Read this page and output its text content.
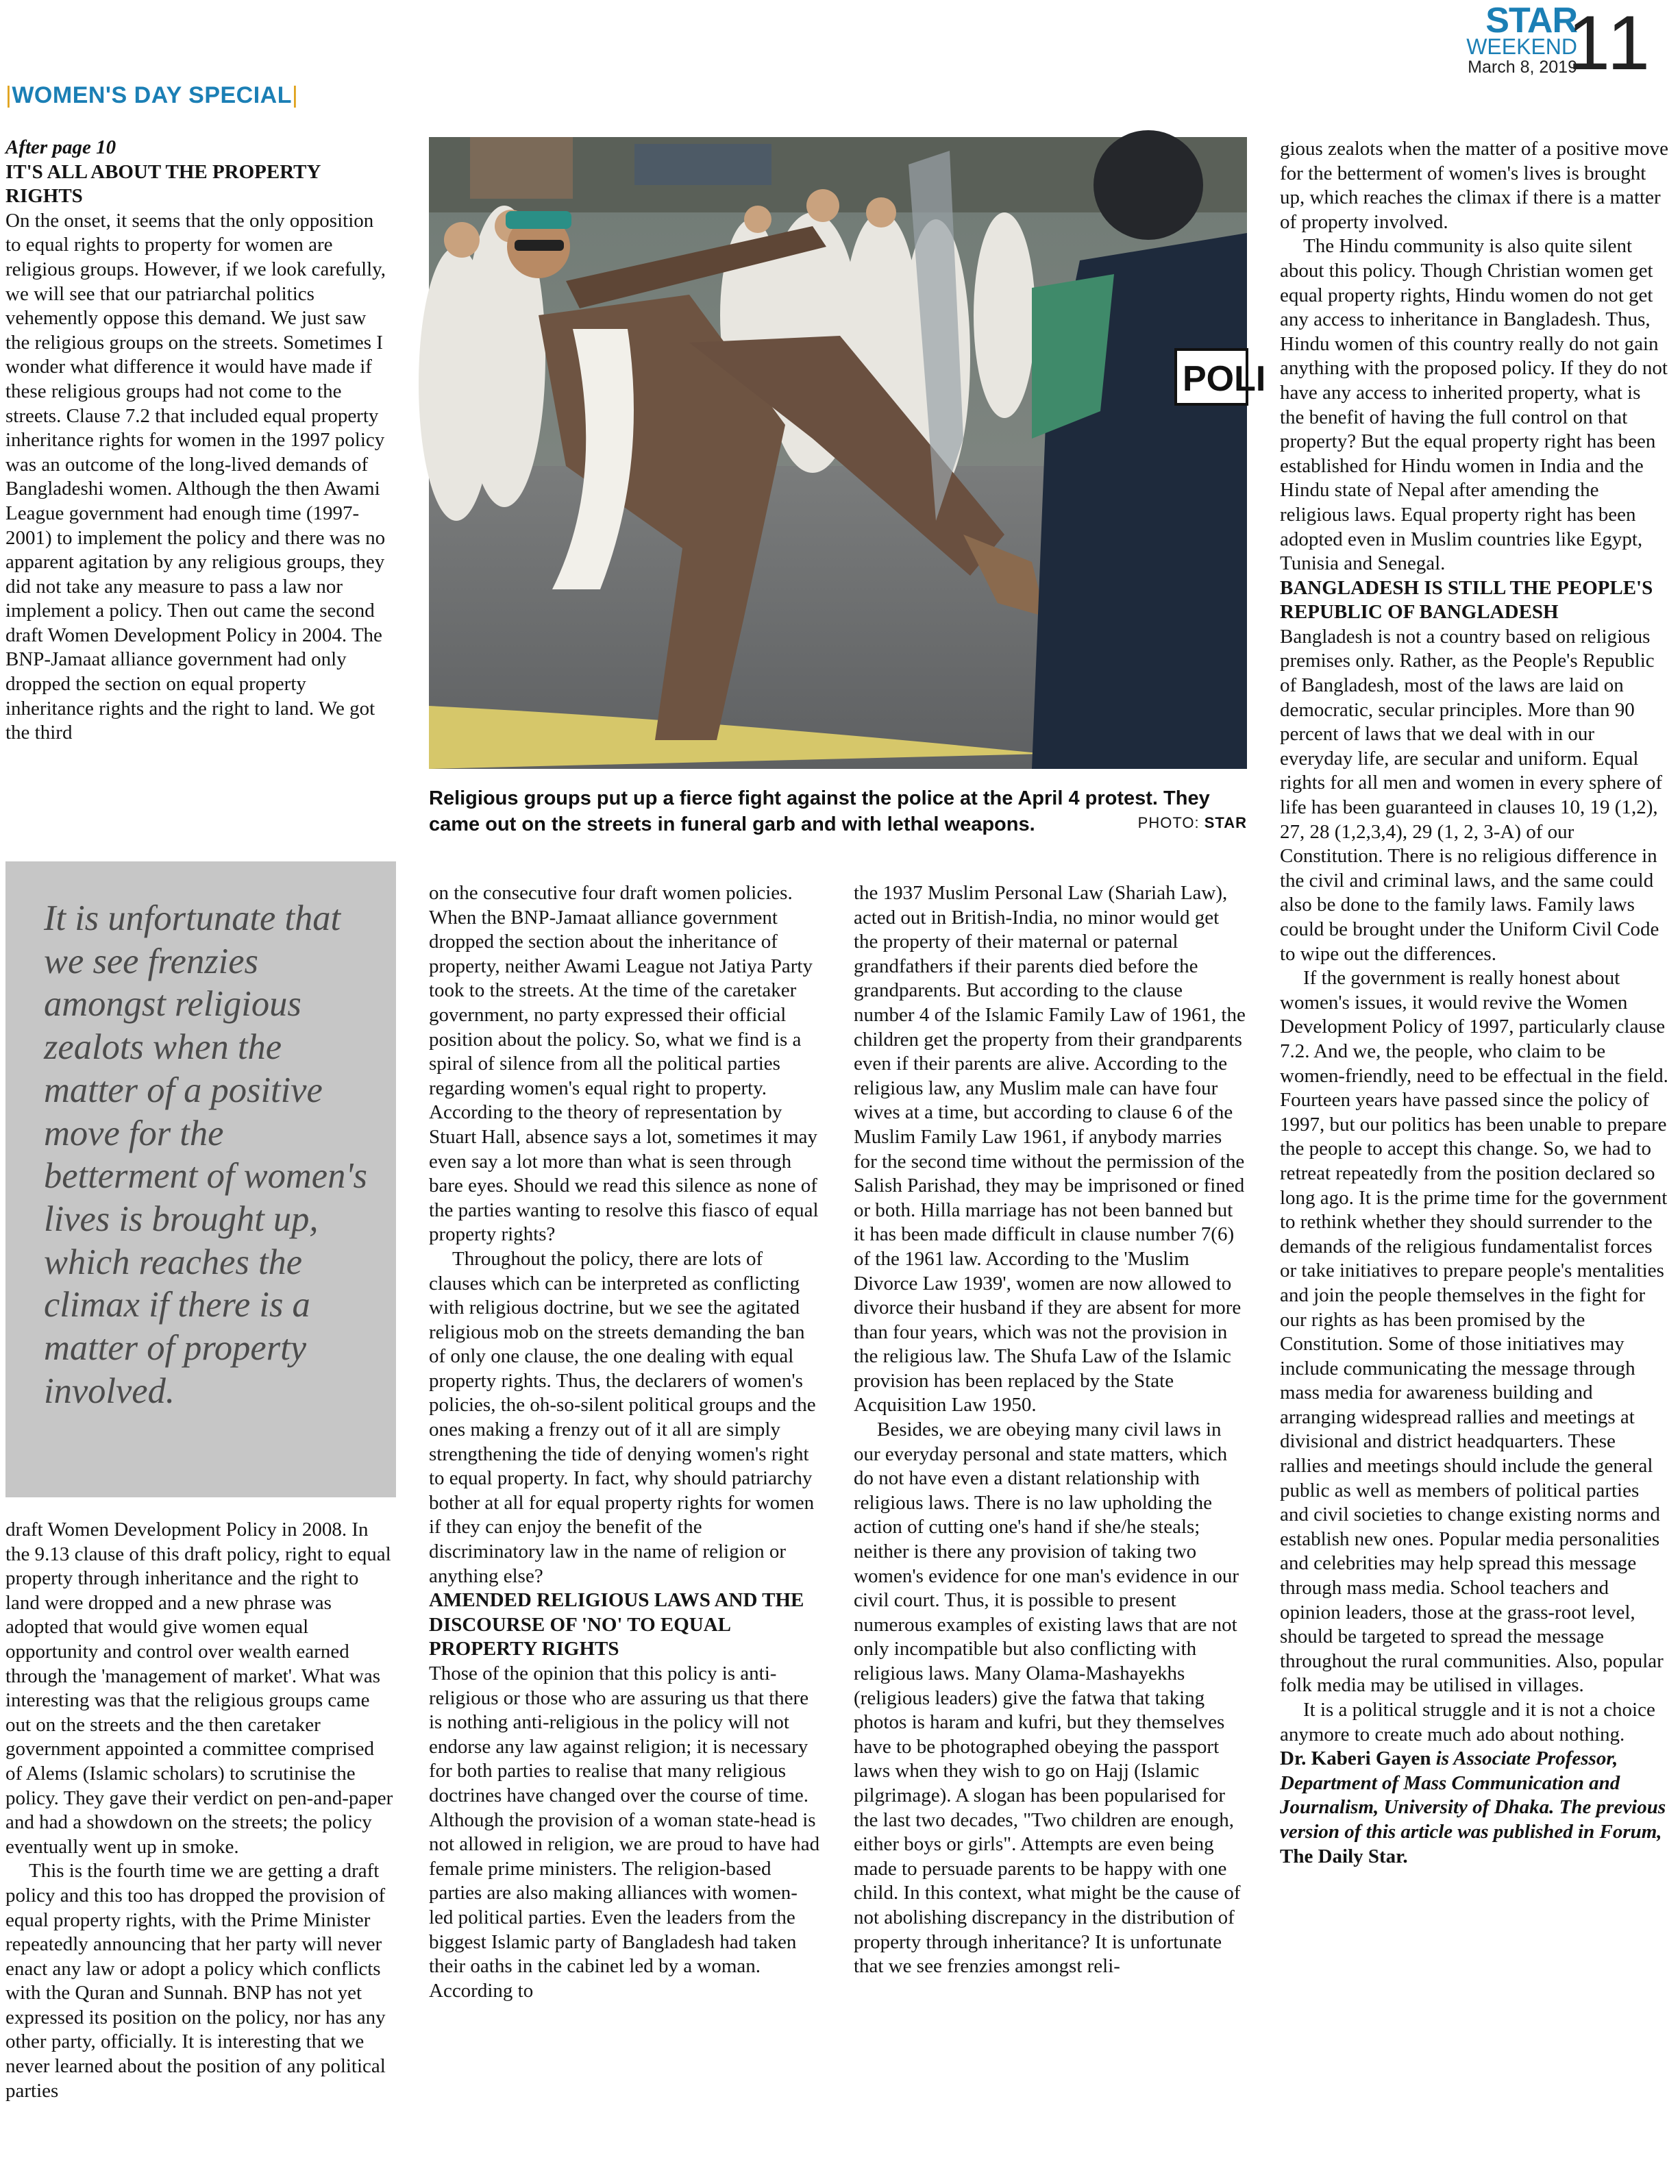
STAR
WEEKEND
March 8, 2019
11
|WOMEN'S DAY SPECIAL|

After page 10

IT'S ALL ABOUT THE PROPERTY RIGHTS

On the onset, it seems that the only opposition to equal rights to property for women are religious groups. However, if we look carefully, we will see that our patriarchal politics vehemently oppose this demand. We just saw the religious groups on the streets. Sometimes I wonder what difference it would have made if these religious groups had not come to the streets. Clause 7.2 that included equal property inheritance rights for women in the 1997 policy was an outcome of the long-lived demands of Bangladeshi women. Although the then Awami League government had enough time (1997-2001) to implement the policy and there was no apparent agitation by any religious groups, they did not take any measure to pass a law nor implement a policy. Then out came the second draft Women Development Policy in 2004. The BNP-Jamaat alliance government had only dropped the section on equal property inheritance rights and the right to land. We got the third

It is unfortunate that we see frenzies amongst religious zealots when the matter of a positive move for the betterment of women's lives is brought up, which reaches the climax if there is a matter of property involved.

draft Women Development Policy in 2008. In the 9.13 clause of this draft policy, right to equal property through inheritance and the right to land were dropped and a new phrase was adopted that would give women equal opportunity and control over wealth earned through the 'management of market'. What was interesting was that the religious groups came out on the streets and the then caretaker government appointed a committee comprised of Alems (Islamic scholars) to scrutinise the policy. They gave their verdict on pen-and-paper and had a showdown on the streets; the policy eventually went up in smoke.

This is the fourth time we are getting a draft policy and this too has dropped the provision of equal property rights, with the Prime Minister repeatedly announcing that her party will never enact any law or adopt a policy which conflicts with the Quran and Sunnah. BNP has not yet expressed its position on the policy, nor has any other party, officially. It is interesting that we never learned about the position of any political parties

POLI
Religious groups put up a fierce fight against the police at the April 4 protest. They came out on the streets in funeral garb and with lethal weapons.	PHOTO: STAR

on the consecutive four draft women policies. When the BNP-Jamaat alliance government dropped the section about the inheritance of property, neither Awami League not Jatiya Party took to the streets. At the time of the caretaker government, no party expressed their official position about the policy. So, what we find is a spiral of silence from all the political parties regarding women's equal right to property. According to the theory of representation by Stuart Hall, absence says a lot, sometimes it may even say a lot more than what is seen through bare eyes. Should we read this silence as none of the parties wanting to resolve this fiasco of equal property rights?

Throughout the policy, there are lots of clauses which can be interpreted as conflicting with religious doctrine, but we see the agitated religious mob on the streets demanding the ban of only one clause, the one dealing with equal property rights. Thus, the declarers of women's policies, the oh-so-silent political groups and the ones making a frenzy out of it all are simply strengthening the tide of denying women's right to equal property. In fact, why should patriarchy bother at all for equal property rights for women if they can enjoy the benefit of the discriminatory law in the name of religion or anything else?

AMENDED RELIGIOUS LAWS AND THE DISCOURSE OF 'NO' TO EQUAL PROPERTY RIGHTS

Those of the opinion that this policy is anti-religious or those who are assuring us that there is nothing anti-religious in the policy will not endorse any law against religion; it is necessary for both parties to realise that many religious doctrines have changed over the course of time. Although the provision of a woman state-head is not allowed in religion, we are proud to have had female prime ministers. The religion-based parties are also making alliances with women-led political parties. Even the leaders from the biggest Islamic party of Bangladesh had taken their oaths in the cabinet led by a woman. According to

the 1937 Muslim Personal Law (Shariah Law), acted out in British-India, no minor would get the property of their maternal or paternal grandfathers if their parents died before the grandparents. But according to the clause number 4 of the Islamic Family Law of 1961, the children get the property from their grandparents even if their parents are alive. According to the religious law, any Muslim male can have four wives at a time, but according to clause 6 of the Muslim Family Law 1961, if anybody marries for the second time without the permission of the Salish Parishad, they may be imprisoned or fined or both. Hilla marriage has not been banned but it has been made difficult in clause number 7(6) of the 1961 law. According to the 'Muslim Divorce Law 1939', women are now allowed to divorce their husband if they are absent for more than four years, which was not the provision in the religious law. The Shufa Law of the Islamic provision has been replaced by the State Acquisition Law 1950.

Besides, we are obeying many civil laws in our everyday personal and state matters, which do not have even a distant relationship with religious laws. There is no law upholding the action of cutting one's hand if she/he steals; neither is there any provision of taking two women's evidence for one man's evidence in our civil court. Thus, it is possible to present numerous examples of existing laws that are not only incompatible but also conflicting with religious laws. Many Olama-Mashayekhs (religious leaders) give the fatwa that taking photos is haram and kufri, but they themselves have to be photographed obeying the passport laws when they wish to go on Hajj (Islamic pilgrimage). A slogan has been popularised for the last two decades, "Two children are enough, either boys or girls". Attempts are even being made to persuade parents to be happy with one child. In this context, what might be the cause of not abolishing discrepancy in the distribution of property through inheritance? It is unfortunate that we see frenzies amongst reli-

gious zealots when the matter of a positive move for the betterment of women's lives is brought up, which reaches the climax if there is a matter of property involved.

The Hindu community is also quite silent about this policy. Though Christian women get equal property rights, Hindu women do not get any access to inheritance in Bangladesh. Thus, Hindu women of this country really do not gain anything with the proposed policy. If they do not have any access to inherited property, what is the benefit of having the full control on that property? But the equal property right has been established for Hindu women in India and the Hindu state of Nepal after amending the religious laws. Equal property right has been adopted even in Muslim countries like Egypt, Tunisia and Senegal.

BANGLADESH IS STILL THE PEOPLE'S REPUBLIC OF BANGLADESH

Bangladesh is not a country based on religious premises only. Rather, as the People's Republic of Bangladesh, most of the laws are laid on democratic, secular principles. More than 90 percent of laws that we deal with in our everyday life, are secular and uniform. Equal rights for all men and women in every sphere of life has been guaranteed in clauses 10, 19 (1,2), 27, 28 (1,2,3,4), 29 (1, 2, 3-A) of our Constitution. There is no religious difference in the civil and criminal laws, and the same could also be done to the family laws. Family laws could be brought under the Uniform Civil Code to wipe out the differences.

If the government is really honest about women's issues, it would revive the Women Development Policy of 1997, particularly clause 7.2. And we, the people, who claim to be women-friendly, need to be effectual in the field. Fourteen years have passed since the policy of 1997, but our politics has been unable to prepare the people to accept this change. So, we had to retreat repeatedly from the position declared so long ago. It is the prime time for the government to rethink whether they should surrender to the demands of the religious fundamentalist forces or take initiatives to prepare people's mentalities and join the people themselves in the fight for our rights as has been promised by the Constitution. Some of those initiatives may include communicating the message through mass media for awareness building and arranging widespread rallies and meetings at divisional and district headquarters. These rallies and meetings should include the general public as well as members of political parties and civil societies to change existing norms and establish new ones. Popular media personalities and celebrities may help spread this message through mass media. School teachers and opinion leaders, those at the grass-root level, should be targeted to spread the message throughout the rural communities. Also, popular folk media may be utilised in villages.

It is a political struggle and it is not a choice anymore to create much ado about nothing.

Dr. Kaberi Gayen is Associate Professor, Department of Mass Communication and Journalism, University of Dhaka. The previous version of this article was published in Forum, The Daily Star.
